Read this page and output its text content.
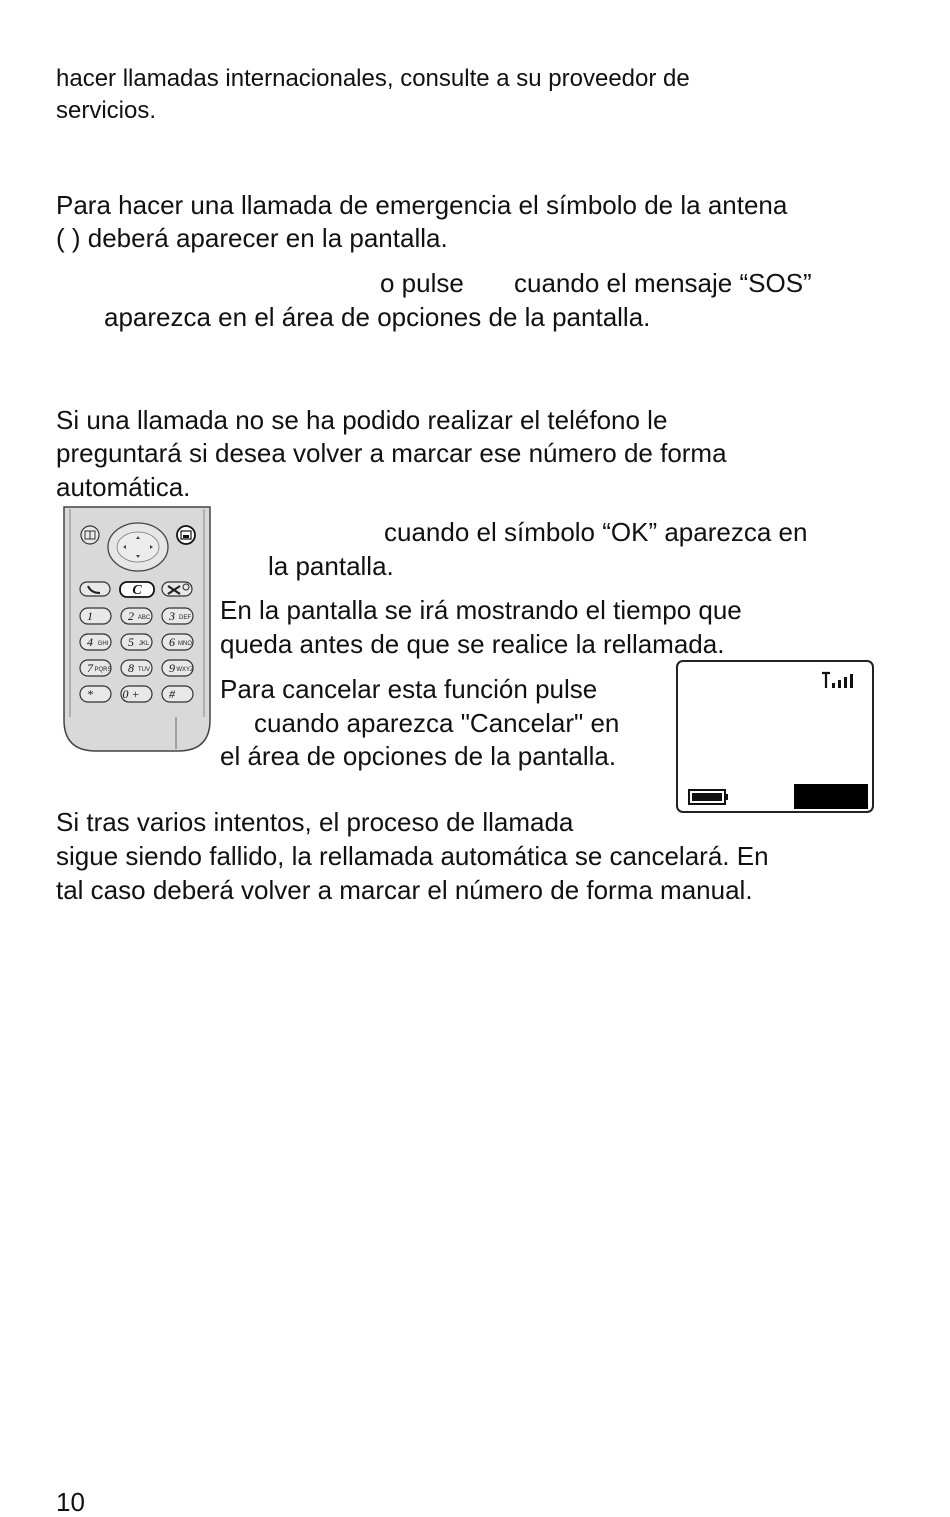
hacer llamadas internacionales, consulte a su proveedor de
servicios.
Para hacer una llamada de emergencia el símbolo de la antena
( ) deberá aparecer en la pantalla.
o pulse cuando el mensaje “SOS”
aparezca en el área de opciones de la pantalla.
Si una llamada no se ha podido realizar el teléfono le
preguntará si desea volver a marcar ese número de forma
automática.
cuando el símbolo “OK” aparezca en
la pantalla.
En la pantalla se irá mostrando el tiempo que
queda antes de que se realice la rellamada.
Para cancelar esta función pulse
cuando aparezca "Cancelar" en
el área de opciones de la pantalla.
Si tras varios intentos, el proceso de llamada
sigue siendo fallido, la rellamada automática se cancelará. En
tal caso deberá volver a marcar el número de forma manual.
C
1	2 ABC 3 DEF
4 GHI 5 JKL 6 MNO
7 PQRS 8 TUV 9 WXYZ
* 0 + #
10
